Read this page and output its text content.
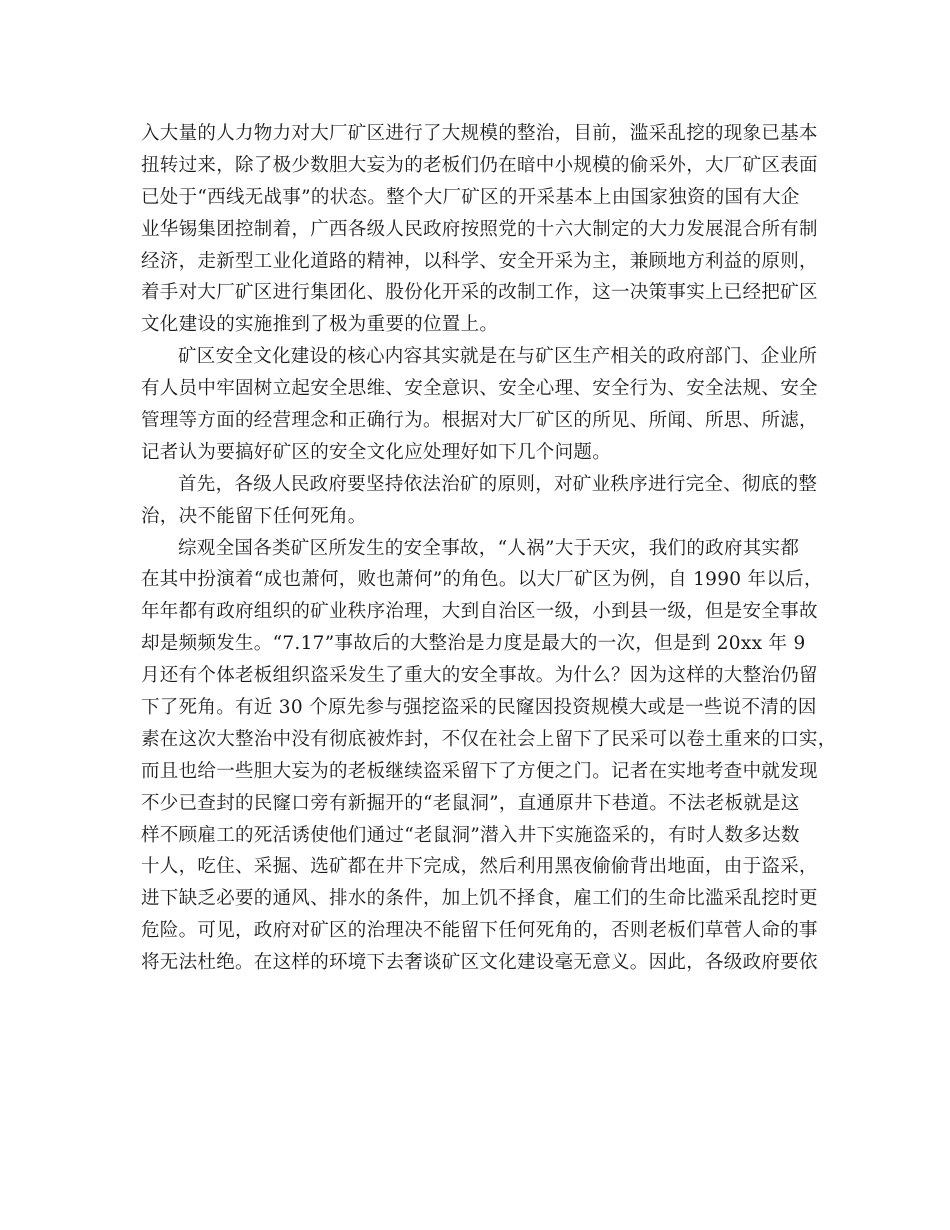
入大量的人力物力对大厂矿区进行了大规模的整治，目前，滥采乱挖的现象已基本
扭转过来，除了极少数胆大妄为的老板们仍在暗中小规模的偷采外，大厂矿区表面
已处于“西线无战事”的状态。整个大厂矿区的开采基本上由国家独资的国有大企
业华锡集团控制着，广西各级人民政府按照党的十六大制定的大力发展混合所有制
经济，走新型工业化道路的精神，以科学、安全开采为主，兼顾地方利益的原则，
着手对大厂矿区进行集团化、股份化开采的改制工作，这一决策事实上已经把矿区
文化建设的实施推到了极为重要的位置上。
矿区安全文化建设的核心内容其实就是在与矿区生产相关的政府部门、企业所
有人员中牢固树立起安全思维、安全意识、安全心理、安全行为、安全法规、安全
管理等方面的经营理念和正确行为。根据对大厂矿区的所见、所闻、所思、所滤，
记者认为要搞好矿区的安全文化应处理好如下几个问题。
首先，各级人民政府要坚持依法治矿的原则，对矿业秩序进行完全、彻底的整
治，决不能留下任何死角。
综观全国各类矿区所发生的安全事故，“人祸”大于天灾，我们的政府其实都
在其中扮演着“成也萧何，败也萧何”的角色。以大厂矿区为例，自 1990 年以后，
年年都有政府组织的矿业秩序治理，大到自治区一级，小到县一级，但是安全事故
却是频频发生。“7.17”事故后的大整治是力度是最大的一次，但是到 20xx 年 9
月还有个体老板组织盗采发生了重大的安全事故。为什么？因为这样的大整治仍留
下了死角。有近 30 个原先参与强挖盗采的民窿因投资规模大或是一些说不清的因
素在这次大整治中没有彻底被炸封，不仅在社会上留下了民采可以卷土重来的口实，
而且也给一些胆大妄为的老板继续盗采留下了方便之门。记者在实地考查中就发现
不少已查封的民窿口旁有新掘开的“老鼠洞”，直通原井下巷道。不法老板就是这
样不顾雇工的死活诱使他们通过“老鼠洞”潜入井下实施盗采的，有时人数多达数
十人，吃住、采掘、选矿都在井下完成，然后利用黑夜偷偷背出地面，由于盗采，
进下缺乏必要的通风、排水的条件，加上饥不择食，雇工们的生命比滥采乱挖时更
危险。可见，政府对矿区的治理决不能留下任何死角的，否则老板们草菅人命的事
将无法杜绝。在这样的环境下去奢谈矿区文化建设毫无意义。因此，各级政府要依
